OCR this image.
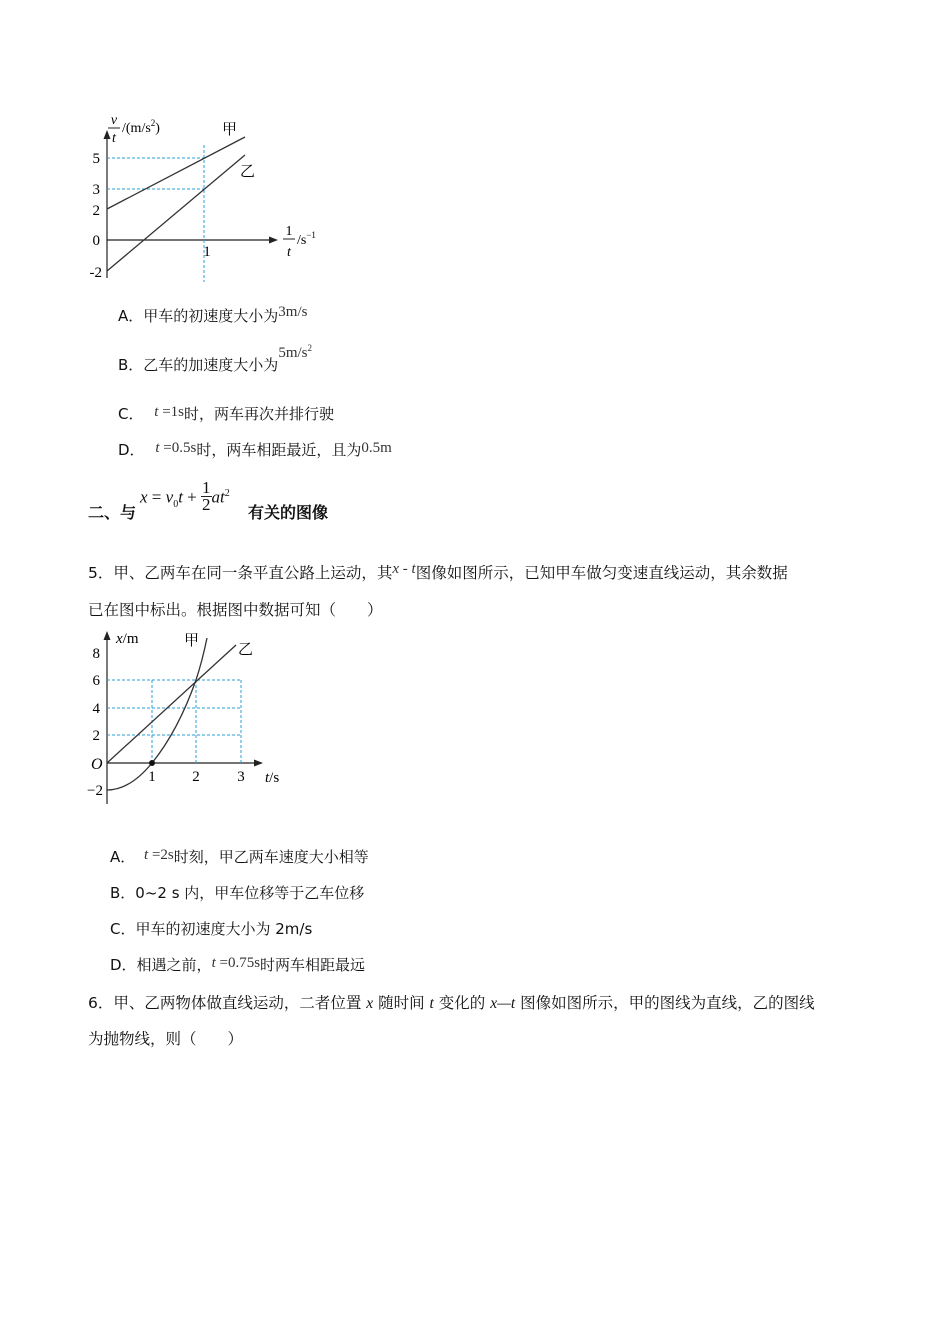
v
t
$/(m/s^2)$
1
t
$/s^{-1}$
甲
乙
5
3
2
0
-2
1
A．甲车的初速度大小为3m/s
B．乙车的加速度大小为$5m/s^2$
C． t =1s时，两车再次并排行驶
D． t =0.5s时，两车相距最近，且为0.5m
二、与
$x = v_0t + \frac{1}{2} at^2$
有关的图像
5．甲、乙两车在同一条平直公路上运动，其x - t图像如图所示，已知甲车做匀变速直线运动，其余数据
已在图中标出。根据图中数据可知（　　）
x/m
t/s
O
甲
乙
8
6
4
2
−2
1 2	3
A． t =2s时刻，甲乙两车速度大小相等
B．0~2 s 内，甲车位移等于乙车位移
C．甲车的初速度大小为 2m/s
D．相遇之前，t =0.75s时两车相距最远
6．甲、乙两物体做直线运动，二者位置 x 随时间 t 变化的 x—t 图像如图所示，甲的图线为直线，乙的图线
为抛物线，则（　　）
